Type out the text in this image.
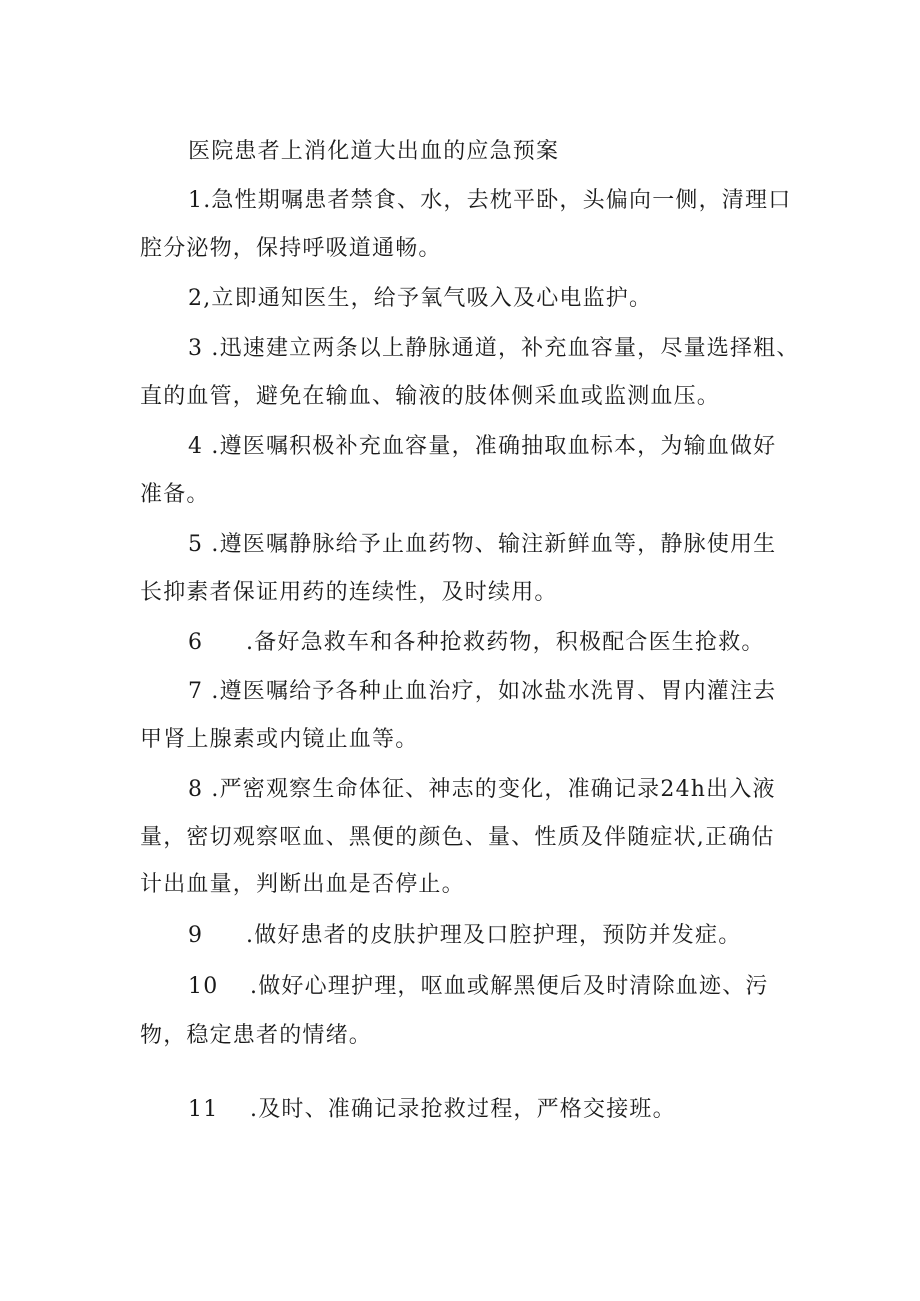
医院患者上消化道大出血的应急预案
1.急性期嘱患者禁食、水，去枕平卧，头偏向一侧，清理口
腔分泌物，保持呼吸道通畅。
2,立即通知医生，给予氧气吸入及心电监护。
3 .迅速建立两条以上静脉通道，补充血容量，尽量选择粗、
直的血管，避免在输血、输液的肢体侧采血或监测血压。
4 .遵医嘱积极补充血容量，准确抽取血标本，为输血做好
准备。
5 .遵医嘱静脉给予止血药物、输注新鲜血等，静脉使用生
长抑素者保证用药的连续性，及时续用。
6 .备好急救车和各种抢救药物，积极配合医生抢救。
7 .遵医嘱给予各种止血治疗，如冰盐水洗胃、胃内灌注去
甲肾上腺素或内镜止血等。
8 .严密观察生命体征、神志的变化，准确记录24h出入液
量，密切观察呕血、黑便的颜色、量、性质及伴随症状,正确估
计出血量，判断出血是否停止。
9 .做好患者的皮肤护理及口腔护理，预防并发症。
10 .做好心理护理，呕血或解黑便后及时清除血迹、污
物，稳定患者的情绪。
11 .及时、准确记录抢救过程，严格交接班。
